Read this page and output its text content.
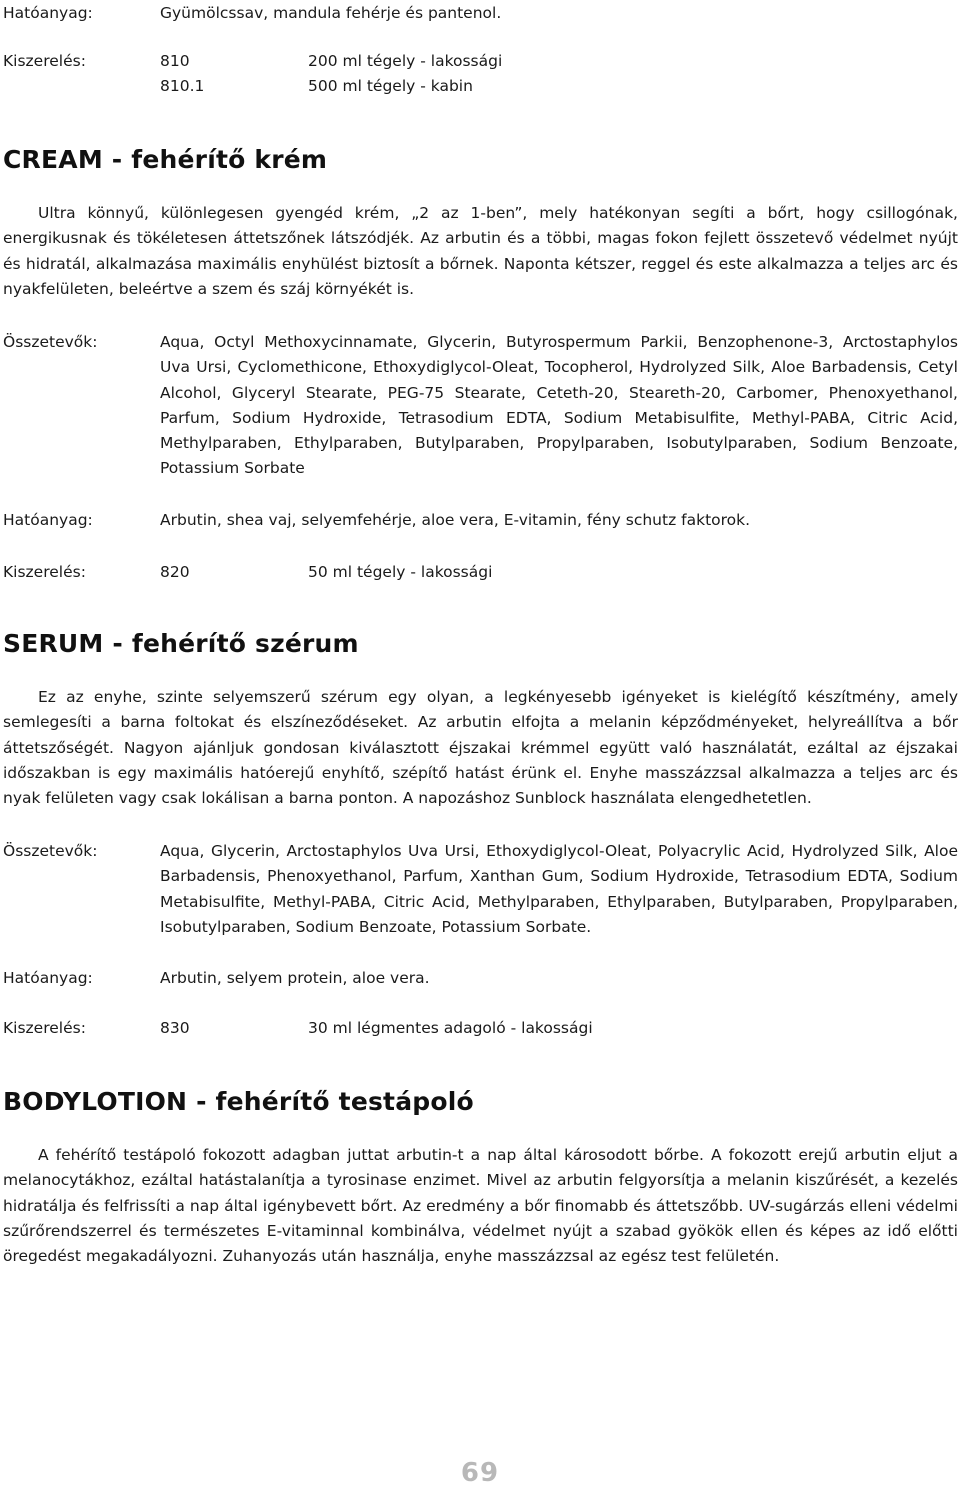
Hatóanyag:	Gyümölcssav, mandula fehérje és pantenol.
Kiszerelés:	810	200 ml tégely - lakossági
810.1	500 ml tégely - kabin
CREAM - fehérítő krém
Ultra könnyű, különlegesen gyengéd krém, „2 az 1-ben”, mely hatékonyan segíti a bőrt, hogy csillogónak, energikusnak és tökéletesen áttetszőnek látszódjék. Az arbutin és a többi, magas fokon fejlett összetevő védelmet nyújt és hidratál, alkalmazása maximális enyhülést biztosít a bőrnek. Naponta kétszer, reggel és este alkalmazza a teljes arc és nyakfelületen, beleértve a szem és száj környékét is.
Összetevők:	Aqua, Octyl Methoxycinnamate, Glycerin, Butyrospermum Parkii, Benzophenone-3, Arctostaphylos Uva Ursi, Cyclomethicone, Ethoxydiglycol-Oleat, Tocopherol, Hydrolyzed Silk, Aloe Barbadensis, Cetyl Alcohol, Glyceryl Stearate, PEG-75 Stearate, Ceteth-20, Steareth-20, Carbomer, Phenoxyethanol, Parfum, Sodium Hydroxide, Tetrasodium EDTA, Sodium Metabisulfite, Methyl-PABA, Citric Acid, Methylparaben, Ethylparaben, Butylparaben, Propylparaben, Isobutylparaben, Sodium Benzoate, Potassium Sorbate
Hatóanyag:	Arbutin, shea vaj, selyemfehérje, aloe vera, E-vitamin, fény schutz faktorok.
Kiszerelés:	820	50 ml tégely - lakossági
SERUM - fehérítő szérum
Ez az enyhe, szinte selyemszerű szérum egy olyan, a legkényesebb igényeket is kielégítő készítmény, amely semlegesíti a barna foltokat és elszíneződéseket. Az arbutin elfojta a melanin képződményeket, helyreállítva a bőr áttetszőségét. Nagyon ajánljuk gondosan kiválasztott éjszakai krémmel együtt való használatát, ezáltal az éjszakai időszakban is egy maximális hatóerejű enyhítő, szépítő hatást érünk el. Enyhe masszázzsal alkalmazza a teljes arc és nyak felületen vagy csak lokálisan a barna ponton. A napozáshoz Sunblock használata elengedhetetlen.
Összetevők:	Aqua, Glycerin, Arctostaphylos Uva Ursi, Ethoxydiglycol-Oleat, Polyacrylic Acid, Hydrolyzed Silk, Aloe Barbadensis, Phenoxyethanol, Parfum, Xanthan Gum, Sodium Hydroxide, Tetrasodium EDTA, Sodium Metabisulfite, Methyl-PABA, Citric Acid, Methylparaben, Ethylparaben, Butylparaben, Propylparaben, Isobutylparaben, Sodium Benzoate, Potassium Sorbate.
Hatóanyag:	Arbutin, selyem protein, aloe vera.
Kiszerelés:	830	30 ml légmentes adagoló - lakossági
BODYLOTION - fehérítő testápoló
A fehérítő testápoló fokozott adagban juttat arbutin-t a nap által károsodott bőrbe. A fokozott erejű arbutin eljut a melanocytákhoz, ezáltal hatástalanítja a tyrosinase enzimet. Mivel az arbutin felgyorsítja a melanin kiszűrését, a kezelés hidratálja és felfrissíti a nap által igénybevett bőrt. Az eredmény a bőr finomabb és áttetszőbb. UV-sugárzás elleni védelmi szűrőrendszerrel és természetes E-vitaminnal kombinálva, védelmet nyújt a szabad gyökök ellen és képes az idő előtti öregedést megakadályozni. Zuhanyozás után használja, enyhe masszázzsal az egész test felületén.
69
